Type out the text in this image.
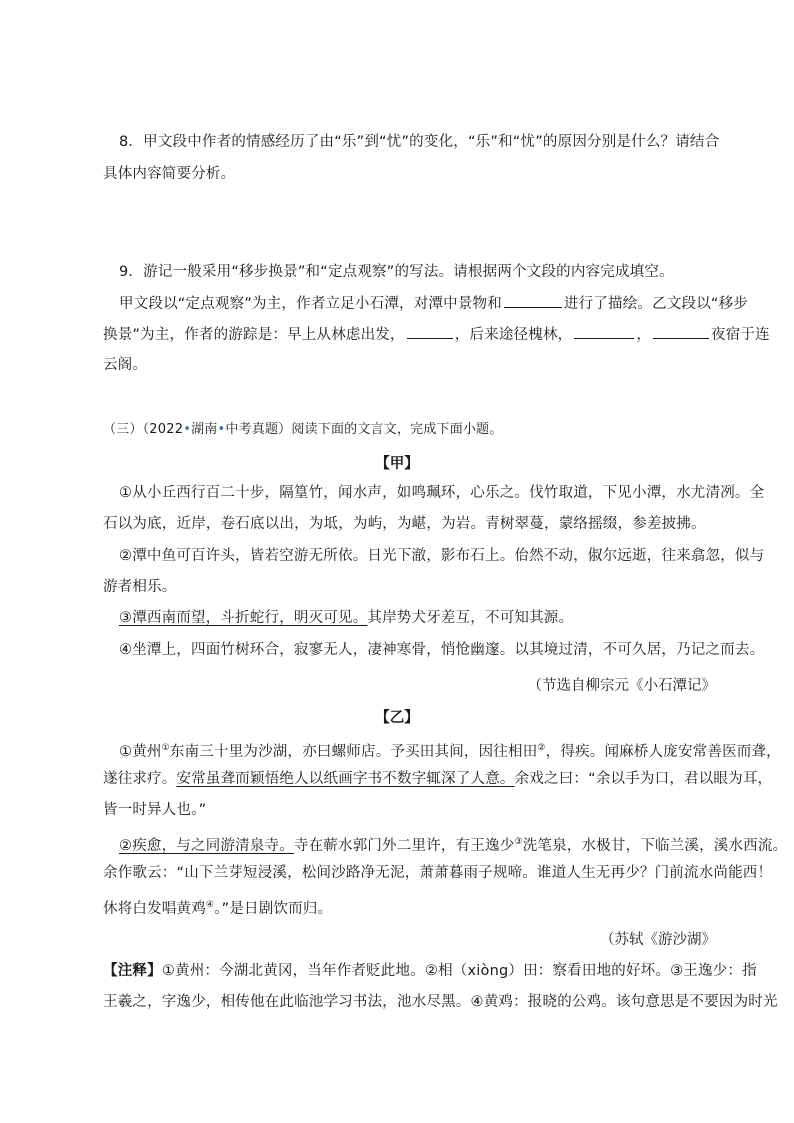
8．甲文段中作者的情感经历了由“乐”到“忧”的变化，“乐”和“忧”的原因分别是什么？请结合
具体内容简要分析。
9．游记一般采用“移步换景”和“定点观察”的写法。请根据两个文段的内容完成填空。
甲文段以“定点观察”为主，作者立足小石潭，对潭中景物和	进行了描绘。乙文段以“移步
换景”为主，作者的游踪是：早上从林虑出发，	，后来途径槐林，	，	夜宿于连
云阁。
（三）（2022•湖南•中考真题）阅读下面的文言文，完成下面小题。
【甲】
①从小丘西行百二十步，隔篁竹，闻水声，如鸣珮环，心乐之。伐竹取道，下见小潭，水尤清冽。全
石以为底，近岸，卷石底以出，为坻，为屿，为嵁，为岩。青树翠蔓，蒙络摇缀，参差披拂。
②潭中鱼可百许头，皆若空游无所依。日光下澈，影布石上。佁然不动，俶尔远逝，往来翕忽，似与
游者相乐。
③潭西南而望，斗折蛇行，明灭可见。其岸势犬牙差互，不可知其源。
④坐潭上，四面竹树环合，寂寥无人，凄神寒骨，悄怆幽邃。以其境过清，不可久居，乃记之而去。
（节选自柳宗元《小石潭记》
【乙】
①黄州①东南三十里为沙湖，亦曰螺师店。予买田其间，因往相田②，得疾。闻麻桥人庞安常善医而聋，
遂往求疗。安常虽聋而颖悟绝人以纸画字书不数字辄深了人意。余戏之曰：“余以手为口，君以眼为耳，
皆一时异人也。”
②疾愈，与之同游清泉寺。寺在蕲水郭门外二里许，有王逸少③洗笔泉，水极甘，下临兰溪，溪水西流。
余作歌云：“山下兰芽短浸溪，松间沙路净无泥，萧萧暮雨子规啼。谁道人生无再少？门前流水尚能西！
休将白发唱黄鸡④。”是日剧饮而归。
（苏轼《游沙湖》
【注释】①黄州：今湖北黄冈，当年作者贬此地。②相（xiòng）田：察看田地的好坏。③王逸少：指
王羲之，字逸少，相传他在此临池学习书法，池水尽黑。④黄鸡：报晓的公鸡。该句意思是不要因为时光
